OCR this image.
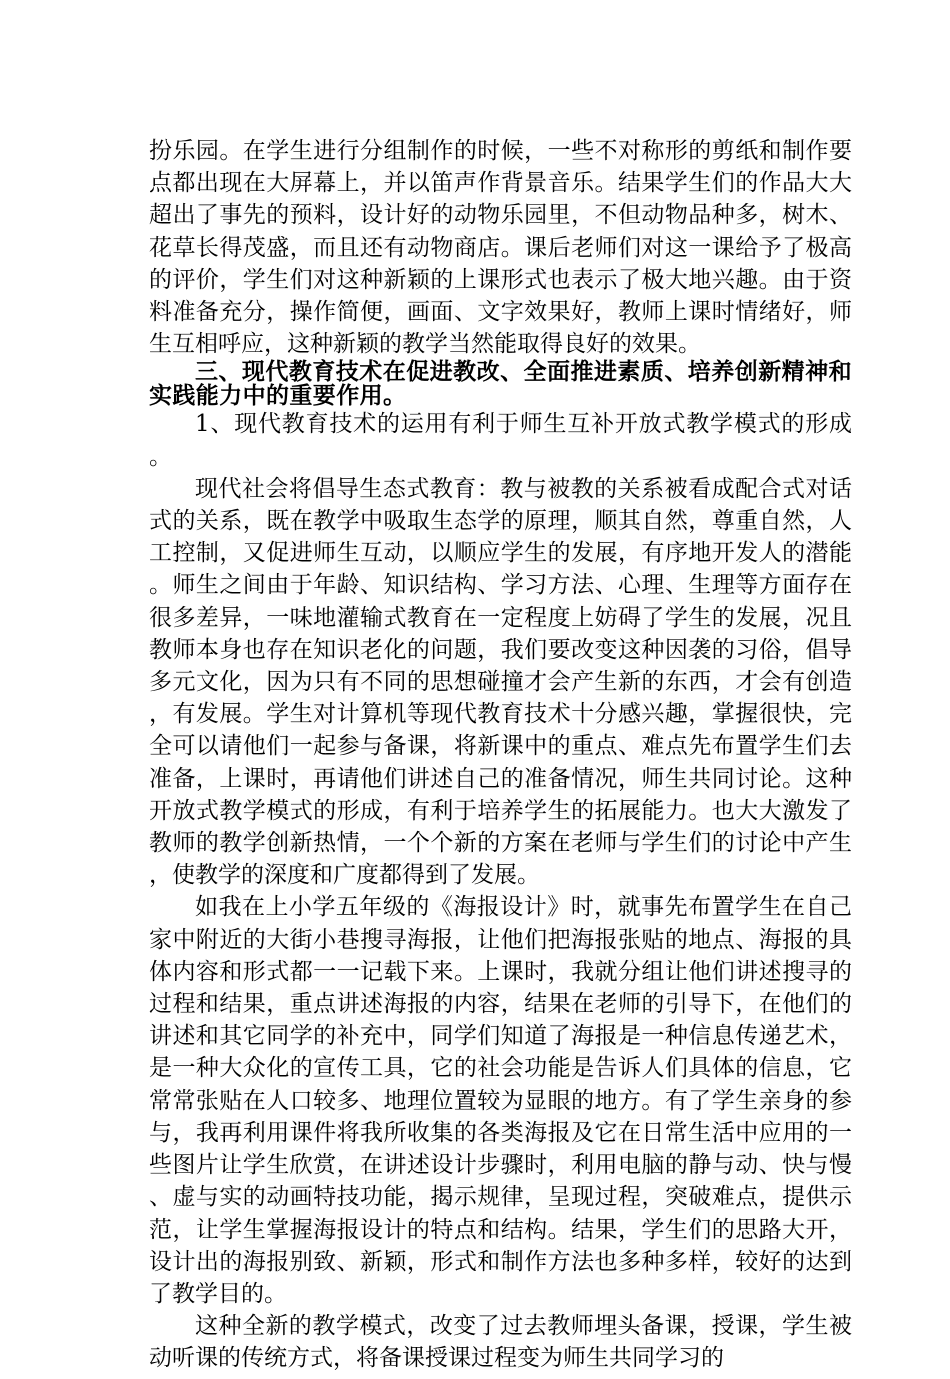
扮乐园。在学生进行分组制作的时候，一些不对称形的剪纸和制作要点都出现在大屏幕上，并以笛声作背景音乐。结果学生们的作品大大超出了事先的预料，设计好的动物乐园里，不但动物品种多，树木、花草长得茂盛，而且还有动物商店。课后老师们对这一课给予了极高的评价，学生们对这种新颖的上课形式也表示了极大地兴趣。由于资料准备充分，操作简便，画面、文字效果好，教师上课时情绪好，师生互相呼应，这种新颖的教学当然能取得良好的效果。

三、现代教育技术在促进教改、全面推进素质、培养创新精神和实践能力中的重要作用。

1、现代教育技术的运用有利于师生互补开放式教学模式的形成。

现代社会将倡导生态式教育：教与被教的关系被看成配合式对话式的关系，既在教学中吸取生态学的原理，顺其自然，尊重自然，人工控制，又促进师生互动，以顺应学生的发展，有序地开发人的潜能。师生之间由于年龄、知识结构、学习方法、心理、生理等方面存在很多差异，一味地灌输式教育在一定程度上妨碍了学生的发展，况且教师本身也存在知识老化的问题，我们要改变这种因袭的习俗，倡导多元文化，因为只有不同的思想碰撞才会产生新的东西，才会有创造，有发展。学生对计算机等现代教育技术十分感兴趣，掌握很快，完全可以请他们一起参与备课，将新课中的重点、难点先布置学生们去准备，上课时，再请他们讲述自己的准备情况，师生共同讨论。这种开放式教学模式的形成，有利于培养学生的拓展能力。也大大激发了教师的教学创新热情，一个个新的方案在老师与学生们的讨论中产生，使教学的深度和广度都得到了发展。

如我在上小学五年级的《海报设计》时，就事先布置学生在自己家中附近的大街小巷搜寻海报，让他们把海报张贴的地点、海报的具体内容和形式都一一记载下来。上课时，我就分组让他们讲述搜寻的过程和结果，重点讲述海报的内容，结果在老师的引导下，在他们的讲述和其它同学的补充中，同学们知道了海报是一种信息传递艺术，是一种大众化的宣传工具，它的社会功能是告诉人们具体的信息，它常常张贴在人口较多、地理位置较为显眼的地方。有了学生亲身的参与，我再利用课件将我所收集的各类海报及它在日常生活中应用的一些图片让学生欣赏，在讲述设计步骤时，利用电脑的静与动、快与慢、虚与实的动画特技功能，揭示规律，呈现过程，突破难点，提供示范，让学生掌握海报设计的特点和结构。结果，学生们的思路大开，设计出的海报别致、新颖，形式和制作方法也多种多样，较好的达到了教学目的。

这种全新的教学模式，改变了过去教师埋头备课，授课，学生被动听课的传统方式，将备课授课过程变为师生共同学习的
